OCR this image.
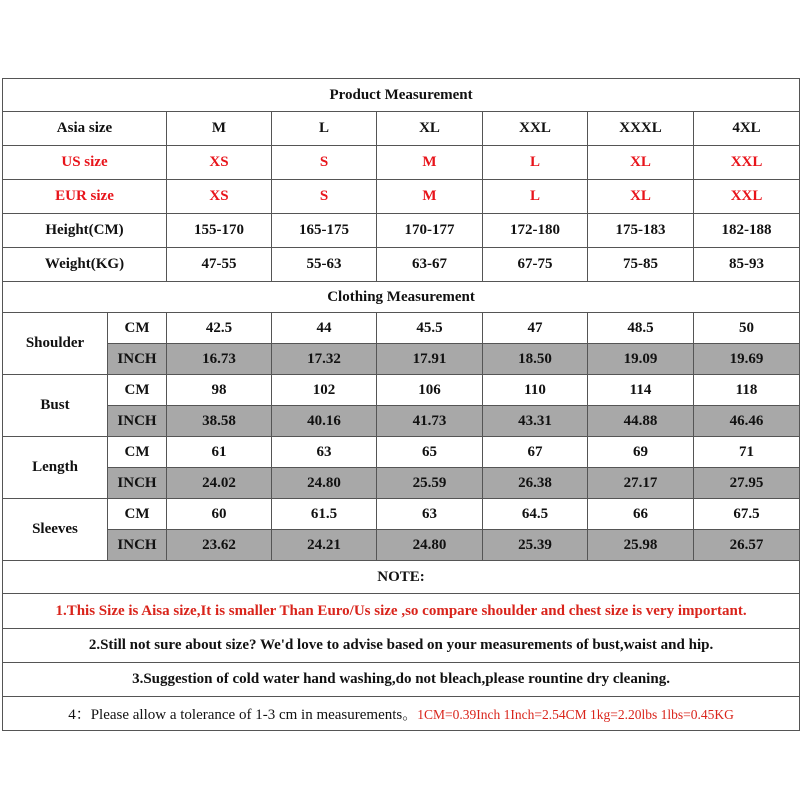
Product Measurement							
Asia size		M	L	XL	XXL	XXXL	4XL
US size		XS	S	M	L	XL	XXL
EUR size		XS	S	M	L	XL	XXL
Height(CM)		155-170	165-175	170-177	172-180	175-183	182-188
Weight(KG)		47-55	55-63	63-67	67-75	75-85	85-93
Clothing Measurement							
Shoulder	CM	42.5	44	45.5	47	48.5	50
	INCH	16.73	17.32	17.91	18.50	19.09	19.69
Bust	CM	98	102	106	110	114	118
	INCH	38.58	40.16	41.73	43.31	44.88	46.46
Length	CM	61	63	65	67	69	71
	INCH	24.02	24.80	25.59	26.38	27.17	27.95
Sleeves	CM	60	61.5	63	64.5	66	67.5
	INCH	23.62	24.21	24.80	25.39	25.98	26.57
NOTE:							
1.This Size is Aisa size,It is smaller Than Euro/Us size ,so compare shoulder and chest size is very important.							
2.Still not sure about size? We'd love to advise based on your measurements of bust,waist and hip.							
3.Suggestion of cold water hand washing,do not bleach,please rountine dry cleaning.							
4：Please allow a tolerance of 1-3 cm in measurements。1CM=0.39Inch 1Inch=2.54CM 1kg=2.20lbs 1lbs=0.45KG							
